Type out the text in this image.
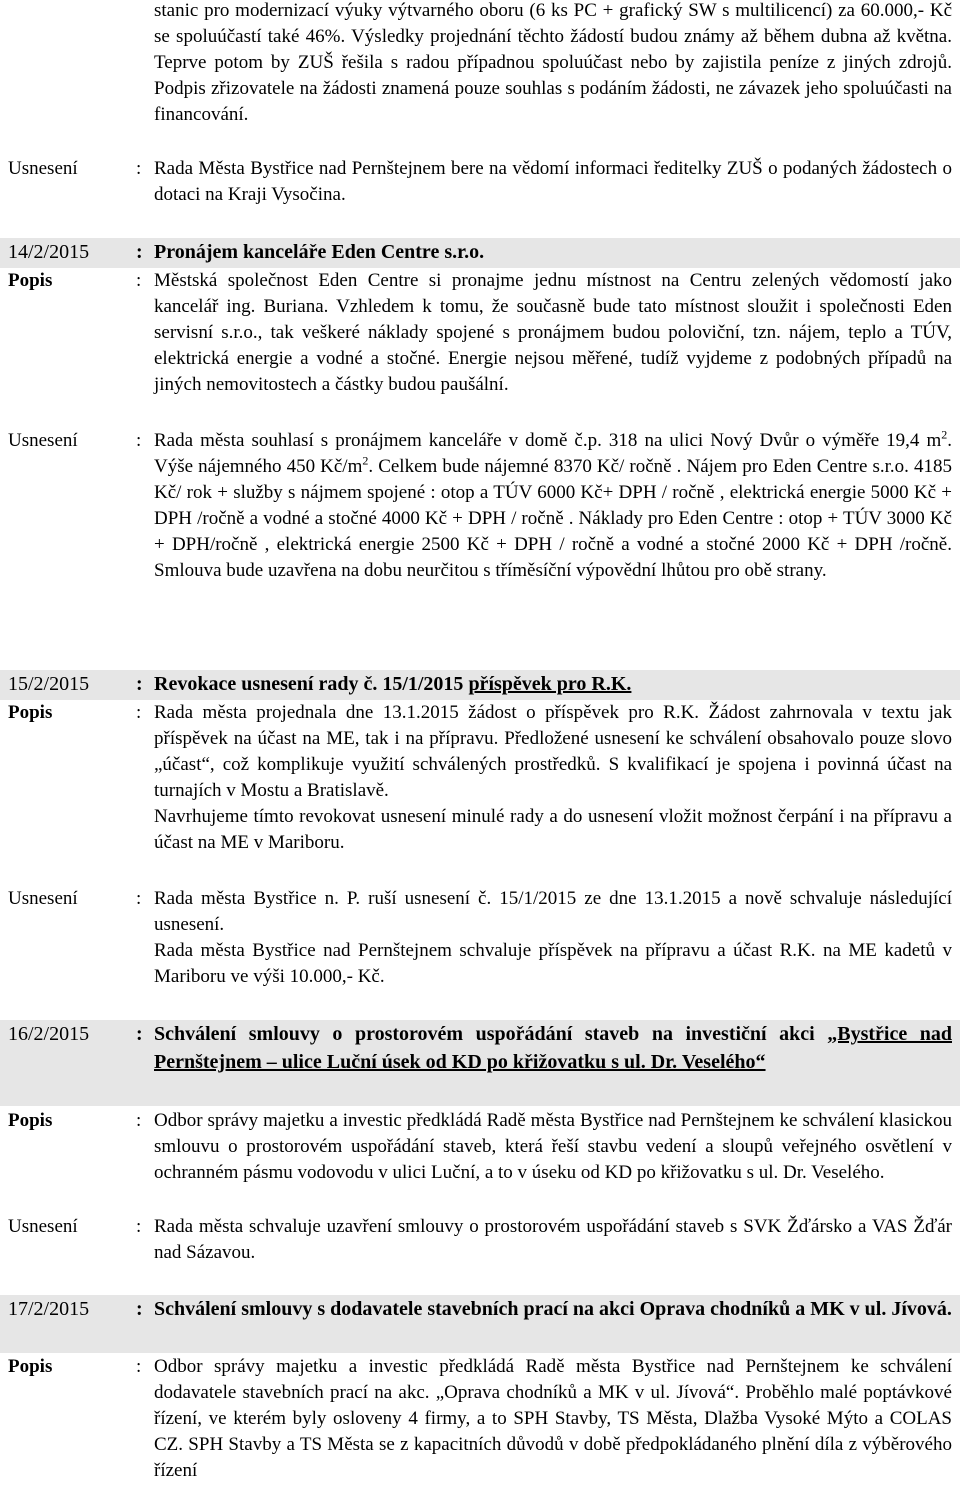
stanic pro modernizací výuky výtvarného oboru (6 ks PC + grafický SW s multilicencí) za 60.000,- Kč se spoluúčastí také 46%. Výsledky projednání těchto žádostí budou známy až během dubna až května. Teprve potom by ZUŠ řešila s radou případnou spoluúčast nebo by zajistila peníze z jiných zdrojů. Podpis zřizovatele na žádosti znamená pouze souhlas s podáním žádosti, ne závazek jeho spoluúčasti na financování.
Usnesení	: Rada Města Bystřice nad Pernštejnem bere na vědomí informaci ředitelky ZUŠ o podaných žádostech o dotaci na Kraji Vysočina.
14/2/2015 : Pronájem kanceláře Eden Centre s.r.o.
Popis	: Městská společnost Eden Centre si pronajme jednu místnost na Centru zelených vědomostí jako kancelář ing. Buriana. Vzhledem k tomu, že současně bude tato místnost sloužit i společnosti Eden servisní s.r.o., tak veškeré náklady spojené s pronájmem budou poloviční, tzn. nájem, teplo a TÚV, elektrická energie a vodné a stočné. Energie nejsou měřené, tudíž vyjdeme z podobných případů na jiných nemovitostech a částky budou paušální.
Usnesení	: Rada města souhlasí s pronájmem kanceláře v domě č.p. 318 na ulici Nový Dvůr o výměře 19,4 $m^2$. Výše nájemného 450 $Kč/m^2$. Celkem bude nájemné 8370 Kč/ ročně . Nájem pro Eden Centre s.r.o. 4185 Kč/ rok + služby s nájmem spojené : otop a TÚV 6000 Kč+ DPH / ročně , elektrická energie 5000 Kč + DPH /ročně a vodné a stočné 4000 Kč + DPH / ročně . Náklady pro Eden Centre : otop + TÚV 3000 Kč + DPH/ročně , elektrická energie 2500 Kč + DPH / ročně a vodné a stočné 2000 Kč + DPH /ročně. Smlouva bude uzavřena na dobu neurčitou s tříměsíční výpovědní lhůtou pro obě strany.
15/2/2015 : Revokace usnesení rady č. 15/1/2015 příspěvek pro R.K.
Popis	: Rada města projednala dne 13.1.2015 žádost o příspěvek pro R.K. Žádost zahrnovala v textu jak příspěvek na účast na ME, tak i na přípravu. Předložené usnesení ke schválení obsahovalo pouze slovo „účast“, což komplikuje využití schválených prostředků. S kvalifikací je spojena i povinná účast na turnajích v Mostu a Bratislavě.
Navrhujeme tímto revokovat usnesení minulé rady a do usnesení vložit možnost čerpání i na přípravu a účast na ME v Mariboru.
Usnesení	: Rada města Bystřice n. P. ruší usnesení č. 15/1/2015 ze dne 13.1.2015 a nově schvaluje následující usnesení.
Rada města Bystřice nad Pernštejnem schvaluje příspěvek na přípravu a účast R.K. na ME kadetů v Mariboru ve výši 10.000,- Kč.
16/2/2015 : Schválení smlouvy o prostorovém uspořádání staveb na investiční akci „Bystřice nad Pernštejnem – ulice Luční úsek od KD po křižovatku s ul. Dr. Veselého“
Popis	: Odbor správy majetku a investic předkládá Radě města Bystřice nad Pernštejnem ke schválení klasickou smlouvu o prostorovém uspořádání staveb, která řeší stavbu vedení a sloupů veřejného osvětlení v ochranném pásmu vodovodu v ulici Luční, a to v úseku od KD po křižovatku s ul. Dr. Veselého.
Usnesení	: Rada města schvaluje uzavření smlouvy o prostorovém uspořádání staveb s SVK Žďársko a VAS Žďár nad Sázavou.
17/2/2015 : Schválení smlouvy s dodavatele stavebních prací na akci Oprava chodníků a MK v ul. Jívová.
Popis	: Odbor správy majetku a investic předkládá Radě města Bystřice nad Pernštejnem ke schválení dodavatele stavebních prací na akc. „Oprava chodníků a MK v ul. Jívová“. Proběhlo malé poptávkové řízení, ve kterém byly osloveny 4 firmy, a to SPH Stavby, TS Města, Dlažba Vysoké Mýto a COLAS CZ. SPH Stavby a TS Města se z kapacitních důvodů v době předpokládaného plnění díla z výběrového řízení
